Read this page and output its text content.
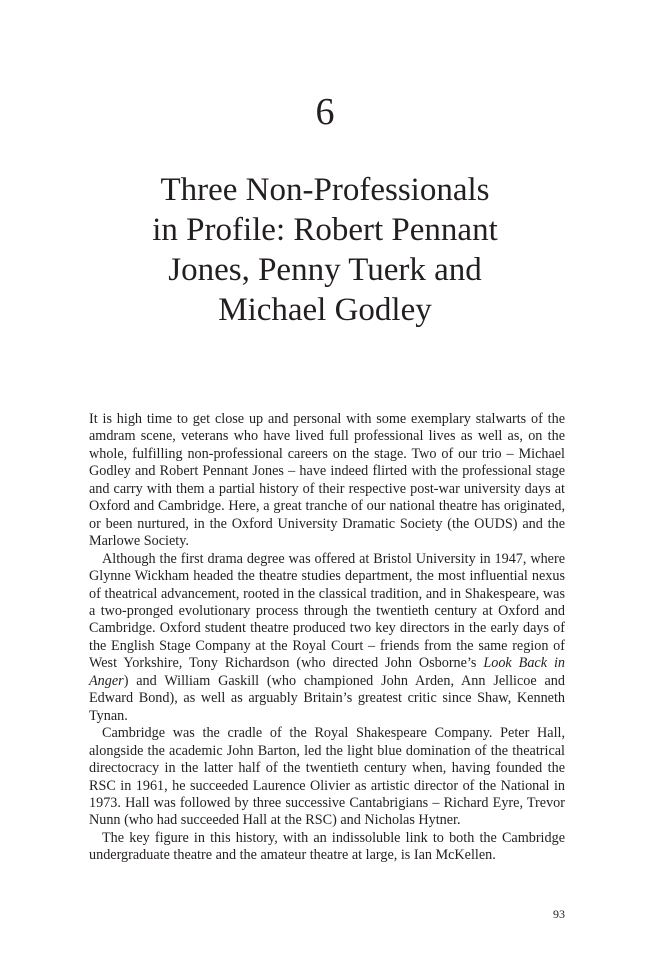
6
Three Non-Professionals
in Profile: Robert Pennant
Jones, Penny Tuerk and
Michael Godley

It is high time to get close up and personal with some exemplary stalwarts of the amdram scene, veterans who have lived full professional lives as well as, on the whole, fulfilling non-professional careers on the stage. Two of our trio – Michael Godley and Robert Pennant Jones – have indeed flirted with the professional stage and carry with them a partial history of their respective post-war university days at Oxford and Cambridge. Here, a great tranche of our national theatre has originated, or been nurtured, in the Oxford University Dramatic Society (the OUDS) and the Marlowe Society.

Although the first drama degree was offered at Bristol University in 1947, where Glynne Wickham headed the theatre studies department, the most influential nexus of theatrical advancement, rooted in the classical tradition, and in Shakespeare, was a two-pronged evolutionary process through the twentieth century at Oxford and Cambridge. Oxford student theatre produced two key directors in the early days of the English Stage Company at the Royal Court – friends from the same region of West Yorkshire, Tony Richardson (who directed John Osborne’s Look Back in Anger) and William Gaskill (who championed John Arden, Ann Jellicoe and Edward Bond), as well as arguably Britain’s greatest critic since Shaw, Kenneth Tynan.

Cambridge was the cradle of the Royal Shakespeare Company. Peter Hall, alongside the academic John Barton, led the light blue domination of the theatrical directocracy in the latter half of the twentieth century when, having founded the RSC in 1961, he succeeded Laurence Olivier as artistic director of the National in 1973. Hall was followed by three successive Cantabrigians – Richard Eyre, Trevor Nunn (who had succeeded Hall at the RSC) and Nicholas Hytner.

The key figure in this history, with an indissoluble link to both the Cambridge undergraduate theatre and the amateur theatre at large, is Ian McKellen.

93
